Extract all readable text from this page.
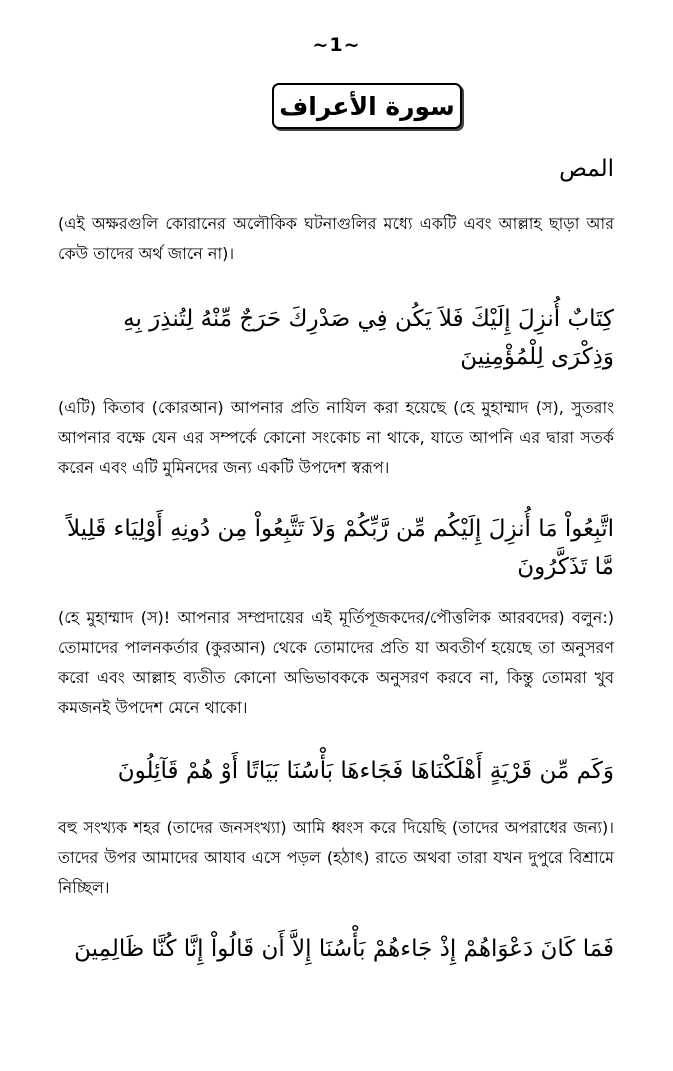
~1~
سورة الأعراف
المص
(এই অক্ষরগুলি কোরানের অলৌকিক ঘটনাগুলির মধ্যে একটি এবং আল্লাহ ছাড়া আর কেউ তাদের অর্থ জানে না)।
كِتَابٌ أُنزِلَ إِلَيْكَ فَلاَ يَكُن فِي صَدْرِكَ حَرَجٌ مِّنْهُ لِتُنذِرَ بِهِ وَذِكْرَى لِلْمُؤْمِنِينَ
(এটি) কিতাব (কোরআন) আপনার প্রতি নাযিল করা হয়েছে (হে মুহাম্মাদ (স), সুতরাং আপনার বক্ষে যেন এর সম্পর্কে কোনো সংকোচ না থাকে, যাতে আপনি এর দ্বারা সতর্ক করেন এবং এটি মুমিনদের জন্য একটি উপদেশ স্বরূপ।
اتَّبِعُواْ مَا أُنزِلَ إِلَيْكُم مِّن رَّبِّكُمْ وَلاَ تَتَّبِعُواْ مِن دُونِهِ أَوْلِيَاء قَلِيلاً مَّا تَذَكَّرُونَ
(হে মুহাম্মাদ (স)! আপনার সম্প্রদায়ের এই মূর্তিপূজকদের/পৌত্তলিক আরবদের) বলুন:) তোমাদের পালনকর্তার (কুরআন) থেকে তোমাদের প্রতি যা অবতীর্ণ হয়েছে তা অনুসরণ করো এবং আল্লাহ ব্যতীত কোনো অভিভাবককে অনুসরণ করবে না, কিন্তু তোমরা খুব কমজনই উপদেশ মেনে থাকো।
وَكَم مِّن قَرْيَةٍ أَهْلَكْنَاهَا فَجَاءهَا بَأْسُنَا بَيَاتًا أَوْ هُمْ قَآئِلُونَ
বহু সংখ্যক শহর (তাদের জনসংখ্যা) আমি ধ্বংস করে দিয়েছি (তাদের অপরাধের জন্য)। তাদের উপর আমাদের আযাব এসে পড়ল (হঠাৎ) রাতে অথবা তারা যখন দুপুরে বিশ্রামে নিচ্ছিল।
فَمَا كَانَ دَعْوَاهُمْ إِذْ جَاءهُمْ بَأْسُنَا إِلاَّ أَن قَالُواْ إِنَّا كُنَّا ظَالِمِينَ
